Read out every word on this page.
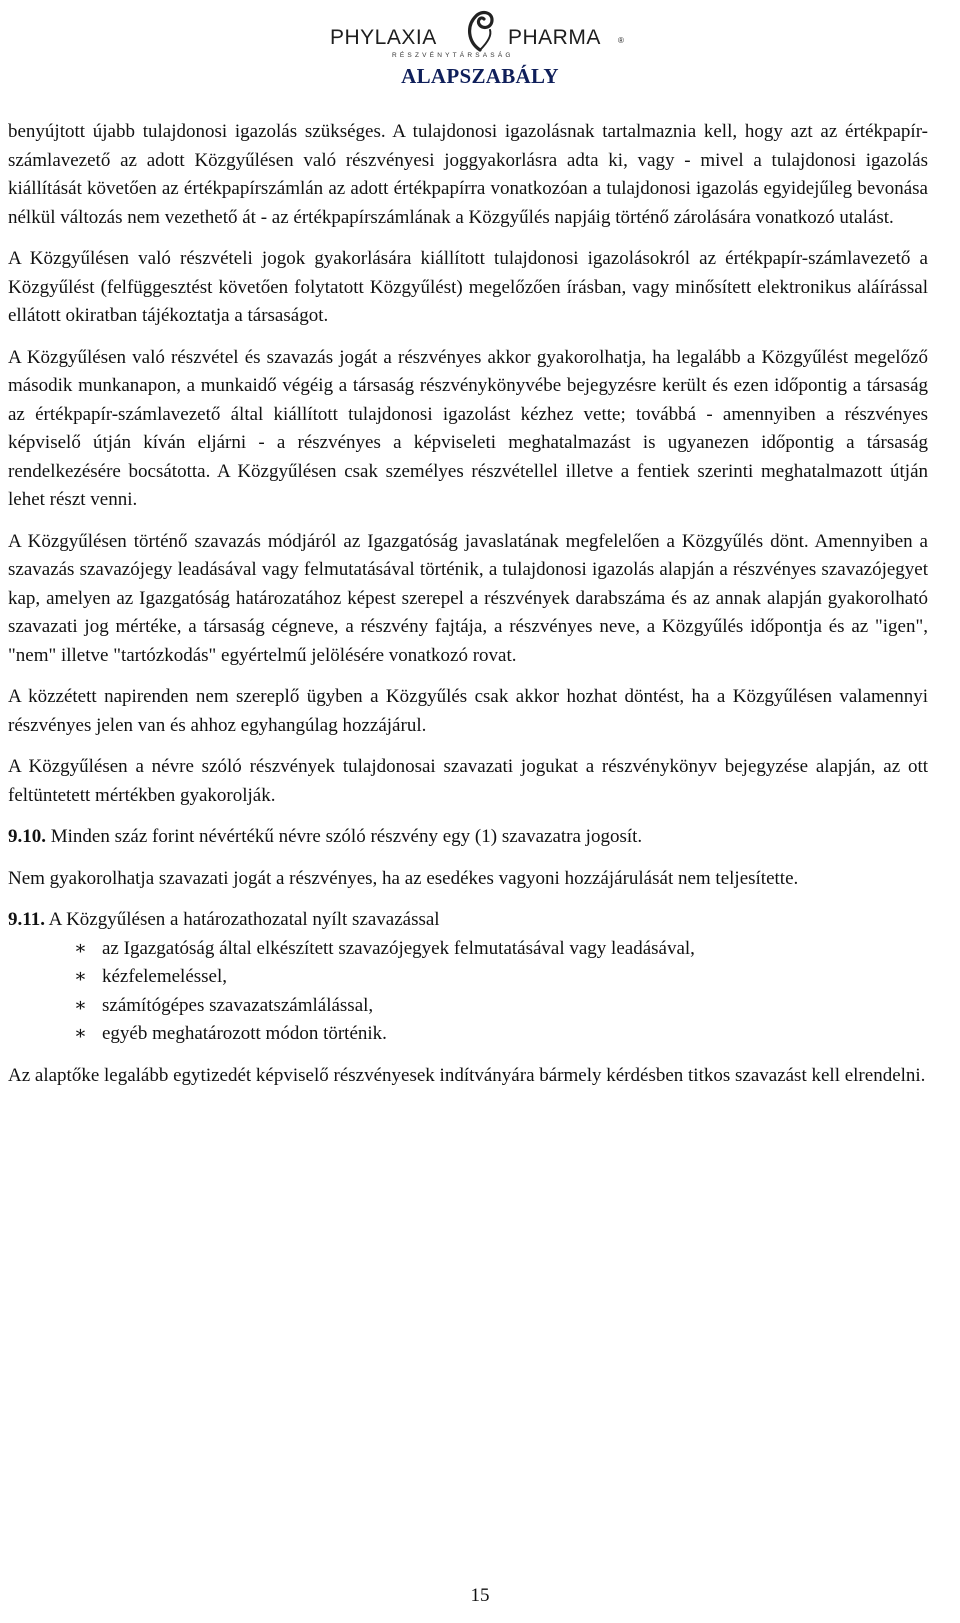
PHYLAXIA	PHARMA ®
RÉSZVÉNYTÁRSASÁG
ALAPSZABÁLY

benyújtott újabb tulajdonosi igazolás szükséges. A tulajdonosi igazolásnak tartalmaznia kell, hogy azt az értékpapír-számlavezető az adott Közgyűlésen való részvényesi joggyakorlásra adta ki, vagy - mivel a tulajdonosi igazolás kiállítását követően az értékpapírszámlán az adott értékpapírra vonatkozóan a tulajdonosi igazolás egyidejűleg bevonása nélkül változás nem vezethető át - az értékpapírszámlának a Közgyűlés napjáig történő zárolására vonatkozó utalást.

A Közgyűlésen való részvételi jogok gyakorlására kiállított tulajdonosi igazolásokról az értékpapír-számlavezető a Közgyűlést (felfüggesztést követően folytatott Közgyűlést) megelőzően írásban, vagy minősített elektronikus aláírással ellátott okiratban tájékoztatja a társaságot.

A Közgyűlésen való részvétel és szavazás jogát a részvényes akkor gyakorolhatja, ha legalább a Közgyűlést megelőző második munkanapon, a munkaidő végéig a társaság részvénykönyvébe bejegyzésre került és ezen időpontig a társaság az értékpapír-számlavezető által kiállított tulajdonosi igazolást kézhez vette; továbbá - amennyiben a részvényes képviselő útján kíván eljárni - a részvényes a képviseleti meghatalmazást is ugyanezen időpontig a társaság rendelkezésére bocsátotta. A Közgyűlésen csak személyes részvétellel illetve a fentiek szerinti meghatalmazott útján lehet részt venni.

A Közgyűlésen történő szavazás módjáról az Igazgatóság javaslatának megfelelően a Közgyűlés dönt. Amennyiben a szavazás szavazójegy leadásával vagy felmutatásával történik, a tulajdonosi igazolás alapján a részvényes szavazójegyet kap, amelyen az Igazgatóság határozatához képest szerepel a részvények darabszáma és az annak alapján gyakorolható szavazati jog mértéke, a társaság cégneve, a részvény fajtája, a részvényes neve, a Közgyűlés időpontja és az "igen", "nem" illetve "tartózkodás" egyértelmű jelölésére vonatkozó rovat.

A közzétett napirenden nem szereplő ügyben a Közgyűlés csak akkor hozhat döntést, ha a Közgyűlésen valamennyi részvényes jelen van és ahhoz egyhangúlag hozzájárul.

A Közgyűlésen a névre szóló részvények tulajdonosai szavazati jogukat a részvénykönyv bejegyzése alapján, az ott feltüntetett mértékben gyakorolják.

9.10. Minden száz forint névértékű névre szóló részvény egy (1) szavazatra jogosít.

Nem gyakorolhatja szavazati jogát a részvényes, ha az esedékes vagyoni hozzájárulását nem teljesítette.

9.11. A Közgyűlésen a határozathozatal nyílt szavazással

∗ az Igazgatóság által elkészített szavazójegyek felmutatásával vagy leadásával,
∗ kézfelemeléssel,
∗ számítógépes szavazatszámlálással,
∗ egyéb meghatározott módon történik.

Az alaptőke legalább egytizedét képviselő részvényesek indítványára bármely kérdésben titkos szavazást kell elrendelni.

15
